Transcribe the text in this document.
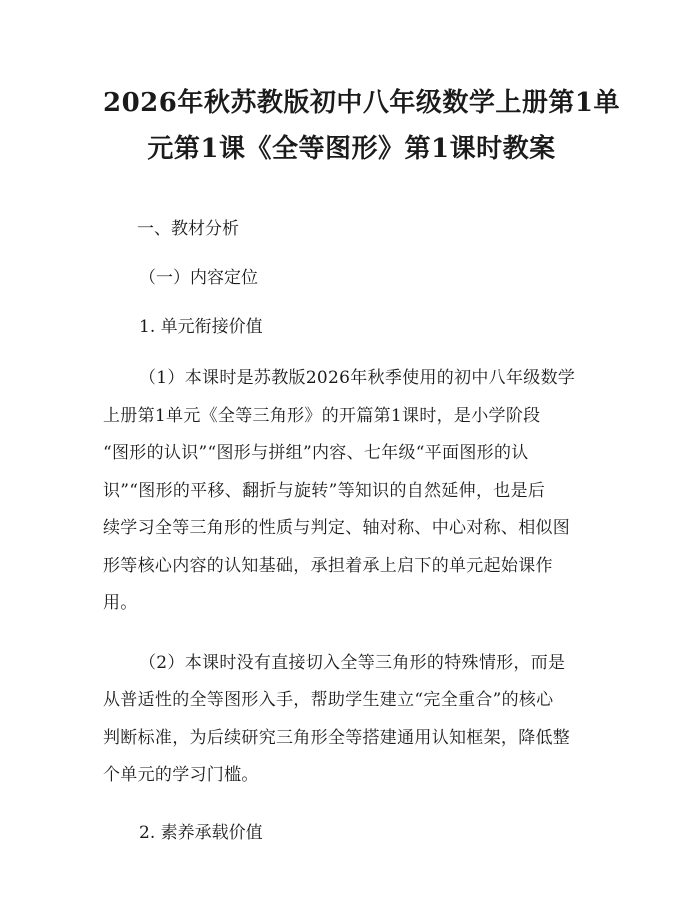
2026年秋苏教版初中八年级数学上册第1单
元第1课《全等图形》第1课时教案
一、教材分析
（一）内容定位
1. 单元衔接价值

（1）本课时是苏教版2026年秋季使用的初中八年级数学
上册第1单元《全等三角形》的开篇第1课时，是小学阶段
“图形的认识”“图形与拼组”内容、七年级“平面图形的认
识”“图形的平移、翻折与旋转”等知识的自然延伸，也是后
续学习全等三角形的性质与判定、轴对称、中心对称、相似图
形等核心内容的认知基础，承担着承上启下的单元起始课作
用。

（2）本课时没有直接切入全等三角形的特殊情形，而是
从普适性的全等图形入手，帮助学生建立“完全重合”的核心
判断标准，为后续研究三角形全等搭建通用认知框架，降低整
个单元的学习门槛。

2. 素养承载价值
